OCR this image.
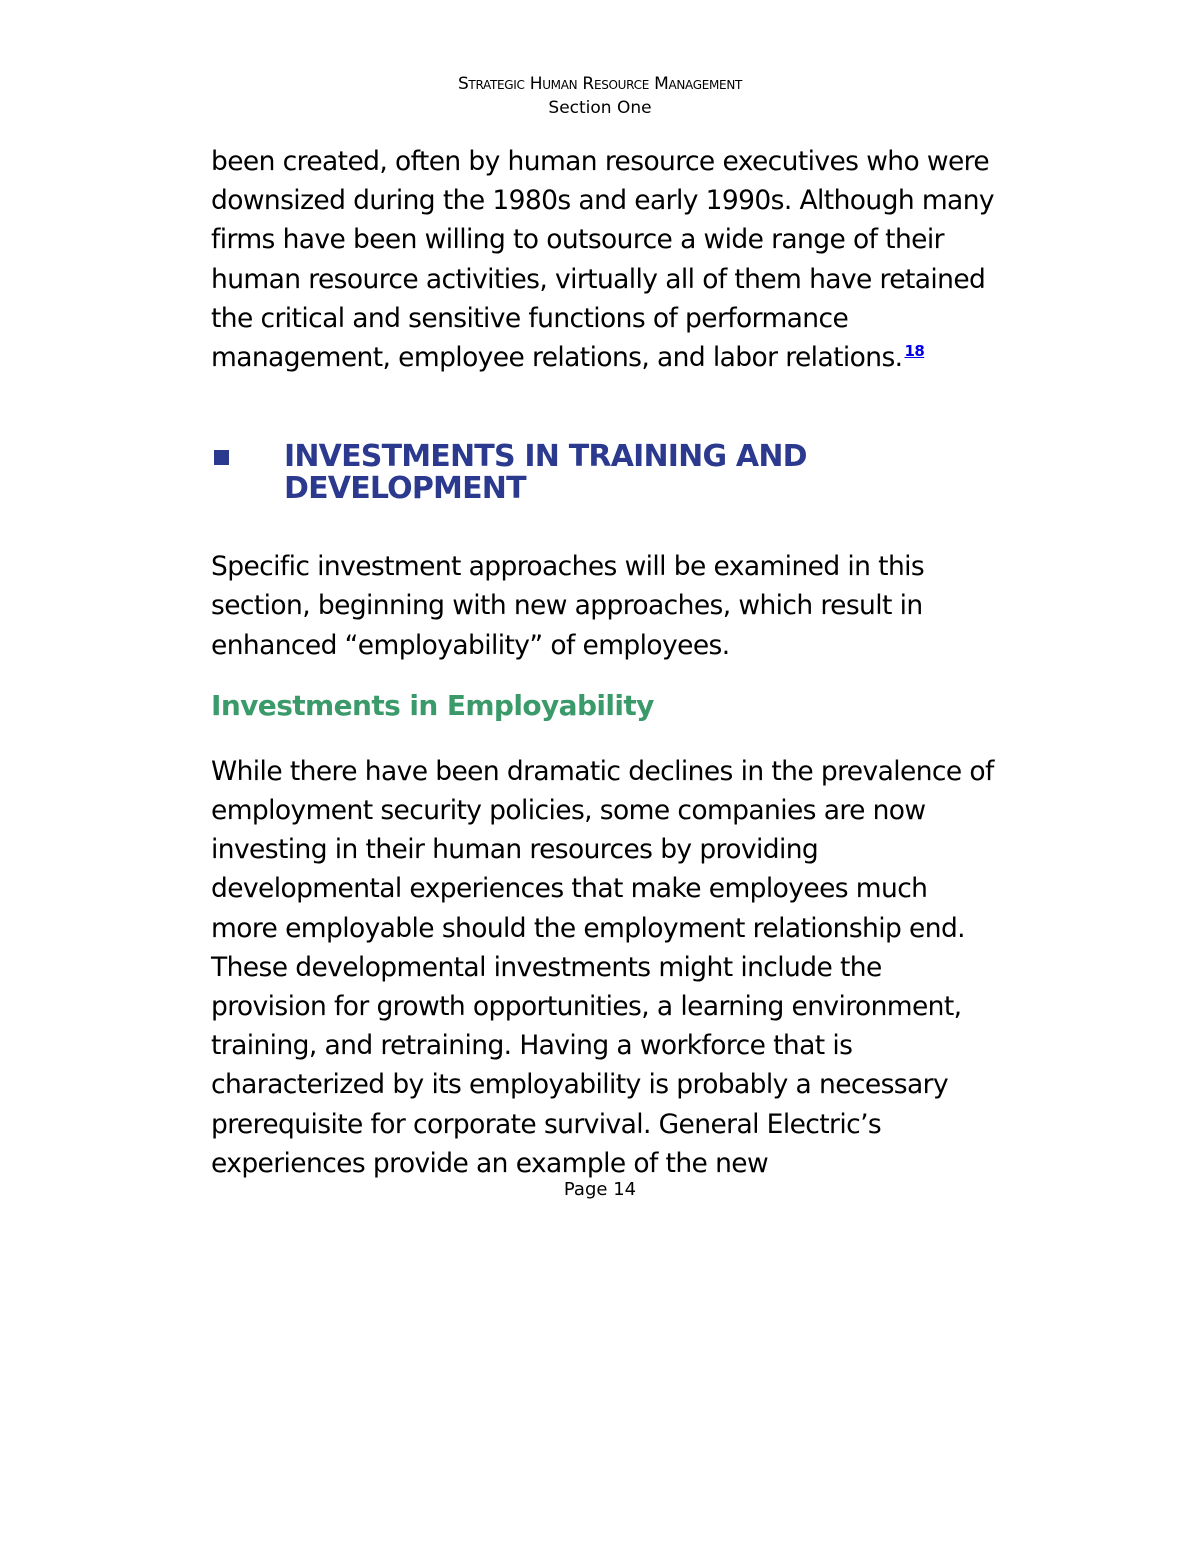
Strategic Human Resource Management
Section One

been created, often by human resource executives who were downsized during the 1980s and early 1990s. Although many firms have been willing to outsource a wide range of their human resource activities, virtually all of them have retained the critical and sensitive functions of performance management, employee relations, and labor relations. $^{18}$

INVESTMENTS IN TRAINING AND DEVELOPMENT

Specific investment approaches will be examined in this section, beginning with new approaches, which result in enhanced “employability” of employees.

Investments in Employability

While there have been dramatic declines in the prevalence of employment security policies, some companies are now investing in their human resources by providing developmental experiences that make employees much more employable should the employment relationship end. These developmental investments might include the provision for growth opportunities, a learning environment, training, and retraining. Having a workforce that is characterized by its employability is probably a necessary prerequisite for corporate survival. General Electric’s experiences provide an example of the new

Page 14
